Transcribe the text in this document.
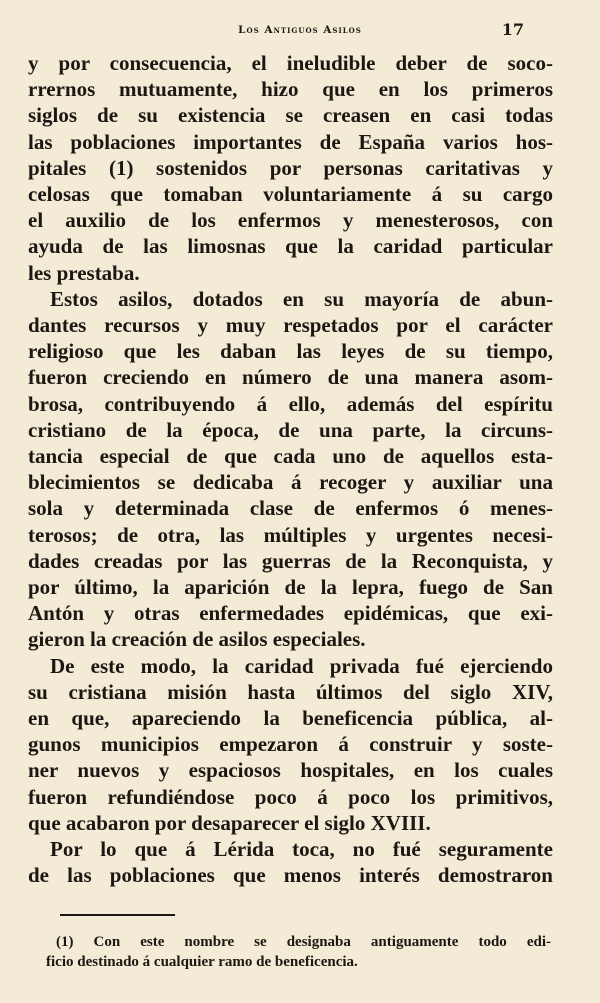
Los Antiguos Asilos	17
y por consecuencia, el ineludible deber de soco-
rrernos mutuamente, hizo que en los primeros
siglos de su existencia se creasen en casi todas
las poblaciones importantes de España varios hos-
pitales (1) sostenidos por personas caritativas y
celosas que tomaban voluntariamente á su cargo
el auxilio de los enfermos y menesterosos, con
ayuda de las limosnas que la caridad particular
les prestaba.
Estos asilos, dotados en su mayoría de abun-
dantes recursos y muy respetados por el carácter
religioso que les daban las leyes de su tiempo,
fueron creciendo en número de una manera asom-
brosa, contribuyendo á ello, además del espíritu
cristiano de la época, de una parte, la circuns-
tancia especial de que cada uno de aquellos esta-
blecimientos se dedicaba á recoger y auxiliar una
sola y determinada clase de enfermos ó menes-
terosos; de otra, las múltiples y urgentes necesi-
dades creadas por las guerras de la Reconquista, y
por último, la aparición de la lepra, fuego de San
Antón y otras enfermedades epidémicas, que exi-
gieron la creación de asilos especiales.
De este modo, la caridad privada fué ejerciendo
su cristiana misión hasta últimos del siglo XIV,
en que, apareciendo la beneficencia pública, al-
gunos municipios empezaron á construir y soste-
ner nuevos y espaciosos hospitales, en los cuales
fueron refundiéndose poco á poco los primitivos,
que acabaron por desaparecer el siglo XVIII.
Por lo que á Lérida toca, no fué seguramente
de las poblaciones que menos interés demostraron
(1) Con este nombre se designaba antiguamente todo edi-
ficio destinado á cualquier ramo de beneficencia.
